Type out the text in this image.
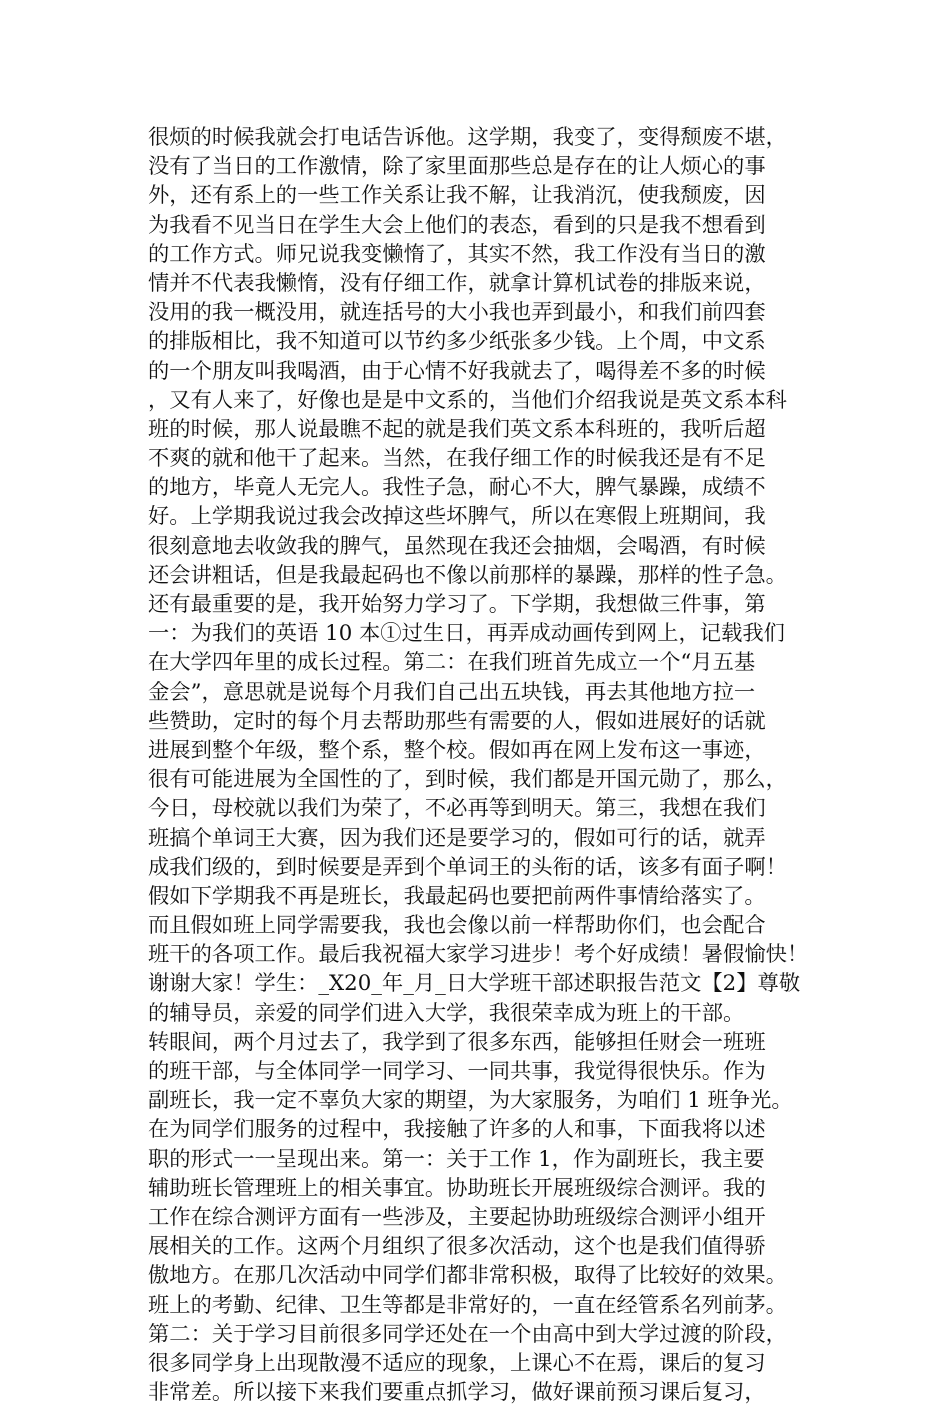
很烦的时候我就会打电话告诉他。这学期，我变了，变得颓废不堪，
没有了当日的工作激情，除了家里面那些总是存在的让人烦心的事
外，还有系上的一些工作关系让我不解，让我消沉，使我颓废，因
为我看不见当日在学生大会上他们的表态，看到的只是我不想看到
的工作方式。师兄说我变懒惰了，其实不然，我工作没有当日的激
情并不代表我懒惰，没有仔细工作，就拿计算机试卷的排版来说，
没用的我一概没用，就连括号的大小我也弄到最小，和我们前四套
的排版相比，我不知道可以节约多少纸张多少钱。上个周，中文系
的一个朋友叫我喝酒，由于心情不好我就去了，喝得差不多的时候
，又有人来了，好像也是是中文系的，当他们介绍我说是英文系本科
班的时候，那人说最瞧不起的就是我们英文系本科班的，我听后超
不爽的就和他干了起来。当然，在我仔细工作的时候我还是有不足
的地方，毕竟人无完人。我性子急，耐心不大，脾气暴躁，成绩不
好。上学期我说过我会改掉这些坏脾气，所以在寒假上班期间，我
很刻意地去收敛我的脾气，虽然现在我还会抽烟，会喝酒，有时候
还会讲粗话，但是我最起码也不像以前那样的暴躁，那样的性子急。
还有最重要的是，我开始努力学习了。下学期，我想做三件事，第
一：为我们的英语 10 本①过生日，再弄成动画传到网上，记载我们
在大学四年里的成长过程。第二：在我们班首先成立一个“月五基
金会”，意思就是说每个月我们自己出五块钱，再去其他地方拉一
些赞助，定时的每个月去帮助那些有需要的人，假如进展好的话就
进展到整个年级，整个系，整个校。假如再在网上发布这一事迹，
很有可能进展为全国性的了，到时候，我们都是开国元勋了，那么，
今日，母校就以我们为荣了，不必再等到明天。第三，我想在我们
班搞个单词王大赛，因为我们还是要学习的，假如可行的话，就弄
成我们级的，到时候要是弄到个单词王的头衔的话，该多有面子啊！
假如下学期我不再是班长，我最起码也要把前两件事情给落实了。
而且假如班上同学需要我，我也会像以前一样帮助你们，也会配合
班干的各项工作。最后我祝福大家学习进步！考个好成绩！暑假愉快！
谢谢大家！学生：_X20_年_月_日大学班干部述职报告范文【2】尊敬
的辅导员，亲爱的同学们进入大学，我很荣幸成为班上的干部。
转眼间，两个月过去了，我学到了很多东西，能够担任财会一班班
的班干部，与全体同学一同学习、一同共事，我觉得很快乐。作为
副班长，我一定不辜负大家的期望，为大家服务，为咱们 1 班争光。
在为同学们服务的过程中，我接触了许多的人和事，下面我将以述
职的形式一一呈现出来。第一：关于工作 1，作为副班长，我主要
辅助班长管理班上的相关事宜。协助班长开展班级综合测评。我的
工作在综合测评方面有一些涉及，主要起协助班级综合测评小组开
展相关的工作。这两个月组织了很多次活动，这个也是我们值得骄
傲地方。在那几次活动中同学们都非常积极，取得了比较好的效果。
班上的考勤、纪律、卫生等都是非常好的，一直在经管系名列前茅。
第二：关于学习目前很多同学还处在一个由高中到大学过渡的阶段，
很多同学身上出现散漫不适应的现象，上课心不在焉，课后的复习
非常差。所以接下来我们要重点抓学习，做好课前预习课后复习，
